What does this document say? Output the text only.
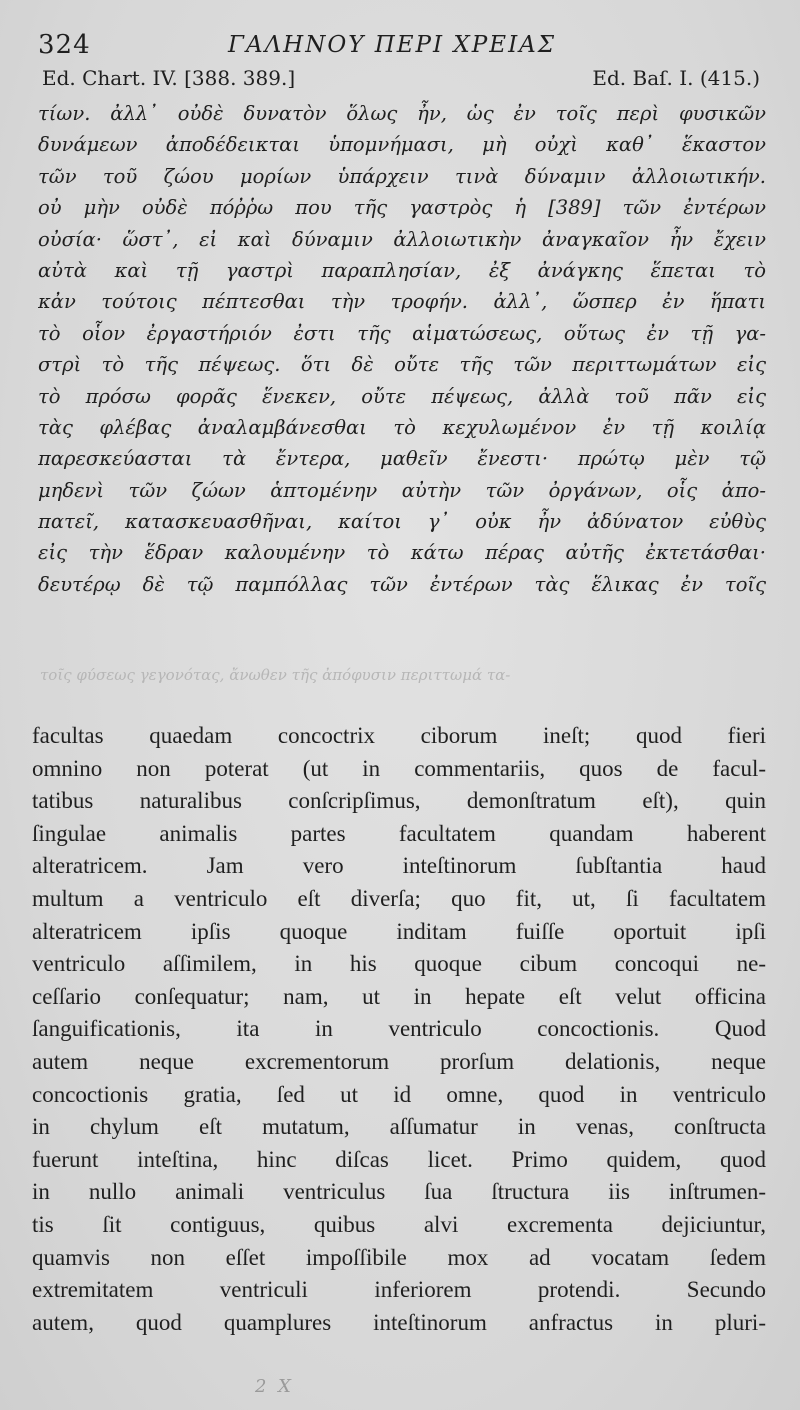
324	ΓΑΛΗΝΟΥ ΠΕΡΙ ΧΡΕΙΑΣ
Ed. Chart. IV. [388. 389.]	Ed. Baſ. I. (415.)
τίων. ἀλλ᾽ οὐδὲ δυνατὸν ὅλως ἦν, ὡς ἐν τοῖς περὶ φυσικῶν
δυνάμεων ἀποδέδεικται ὑπομνήμασι, μὴ οὐχὶ καθ᾽ ἕκαστον
τῶν τοῦ ζώου μορίων ὑπάρχειν τινὰ δύναμιν ἀλλοιωτικήν.
οὐ μὴν οὐδὲ πόῤῥω που τῆς γαστρὸς ἡ [389] τῶν ἐντέρων
οὐσία· ὥστ᾽, εἰ καὶ δύναμιν ἀλλοιωτικὴν ἀναγκαῖον ἦν ἔχειν
αὐτὰ καὶ τῇ γαστρὶ παραπλησίαν, ἐξ ἀνάγκης ἕπεται τὸ
κἀν τούτοις πέπτεσθαι τὴν τροφήν. ἀλλ᾽, ὥσπερ ἐν ἥπατι
τὸ οἷον ἐργαστήριόν ἐστι τῆς αἱματώσεως, οὕτως ἐν τῇ γα-
στρὶ τὸ τῆς πέψεως. ὅτι δὲ οὔτε τῆς τῶν περιττωμάτων εἰς
τὸ πρόσω φορᾶς ἕνεκεν, οὔτε πέψεως, ἀλλὰ τοῦ πᾶν εἰς
τὰς φλέβας ἀναλαμβάνεσθαι τὸ κεχυλωμένον ἐν τῇ κοιλίᾳ
παρεσκεύασται τὰ ἔντερα, μαθεῖν ἔνεστι· πρώτῳ μὲν τῷ
μηδενὶ τῶν ζώων ἁπτομένην αὐτὴν τῶν ὀργάνων, οἷς ἀπο-
πατεῖ, κατασκευασθῆναι, καίτοι γ᾽ οὐκ ἦν ἀδύνατον εὐθὺς
εἰς τὴν ἕδραν καλουμένην τὸ κάτω πέρας αὐτῆς ἐκτετάσθαι·
δευτέρῳ δὲ τῷ παμπόλλας τῶν ἐντέρων τὰς ἕλικας ἐν τοῖς
τοῖς φύσεως γεγονότας, ἄνωθεν τῆς ἀπόφυσιν περιττωμά τα-
facultas quaedam concoctrix ciborum ineſt; quod fieri
omnino non poterat (ut in commentariis, quos de facul-
tatibus naturalibus conſcripſimus, demonſtratum eſt), quin
ſingulae animalis partes facultatem quandam haberent
alteratricem. Jam vero inteſtinorum ſubſtantia haud
multum a ventriculo eſt diverſa; quo fit, ut, ſi facultatem
alteratricem ipſis quoque inditam fuiſſe oportuit ipſi
ventriculo aſſimilem, in his quoque cibum concoqui ne-
ceſſario conſequatur; nam, ut in hepate eſt velut officina
ſanguificationis, ita in ventriculo concoctionis. Quod
autem neque excrementorum prorſum delationis, neque
concoctionis gratia, ſed ut id omne, quod in ventriculo
in chylum eſt mutatum, aſſumatur in venas, conſtructa
fuerunt inteſtina, hinc diſcas licet. Primo quidem, quod
in nullo animali ventriculus ſua ſtructura iis inſtrumen-
tis ſit contiguus, quibus alvi excrementa dejiciuntur,
quamvis non eſſet impoſſibile mox ad vocatam ſedem
extremitatem ventriculi inferiorem protendi. Secundo
autem, quod quamplures inteſtinorum anfractus in pluri-
2 X
